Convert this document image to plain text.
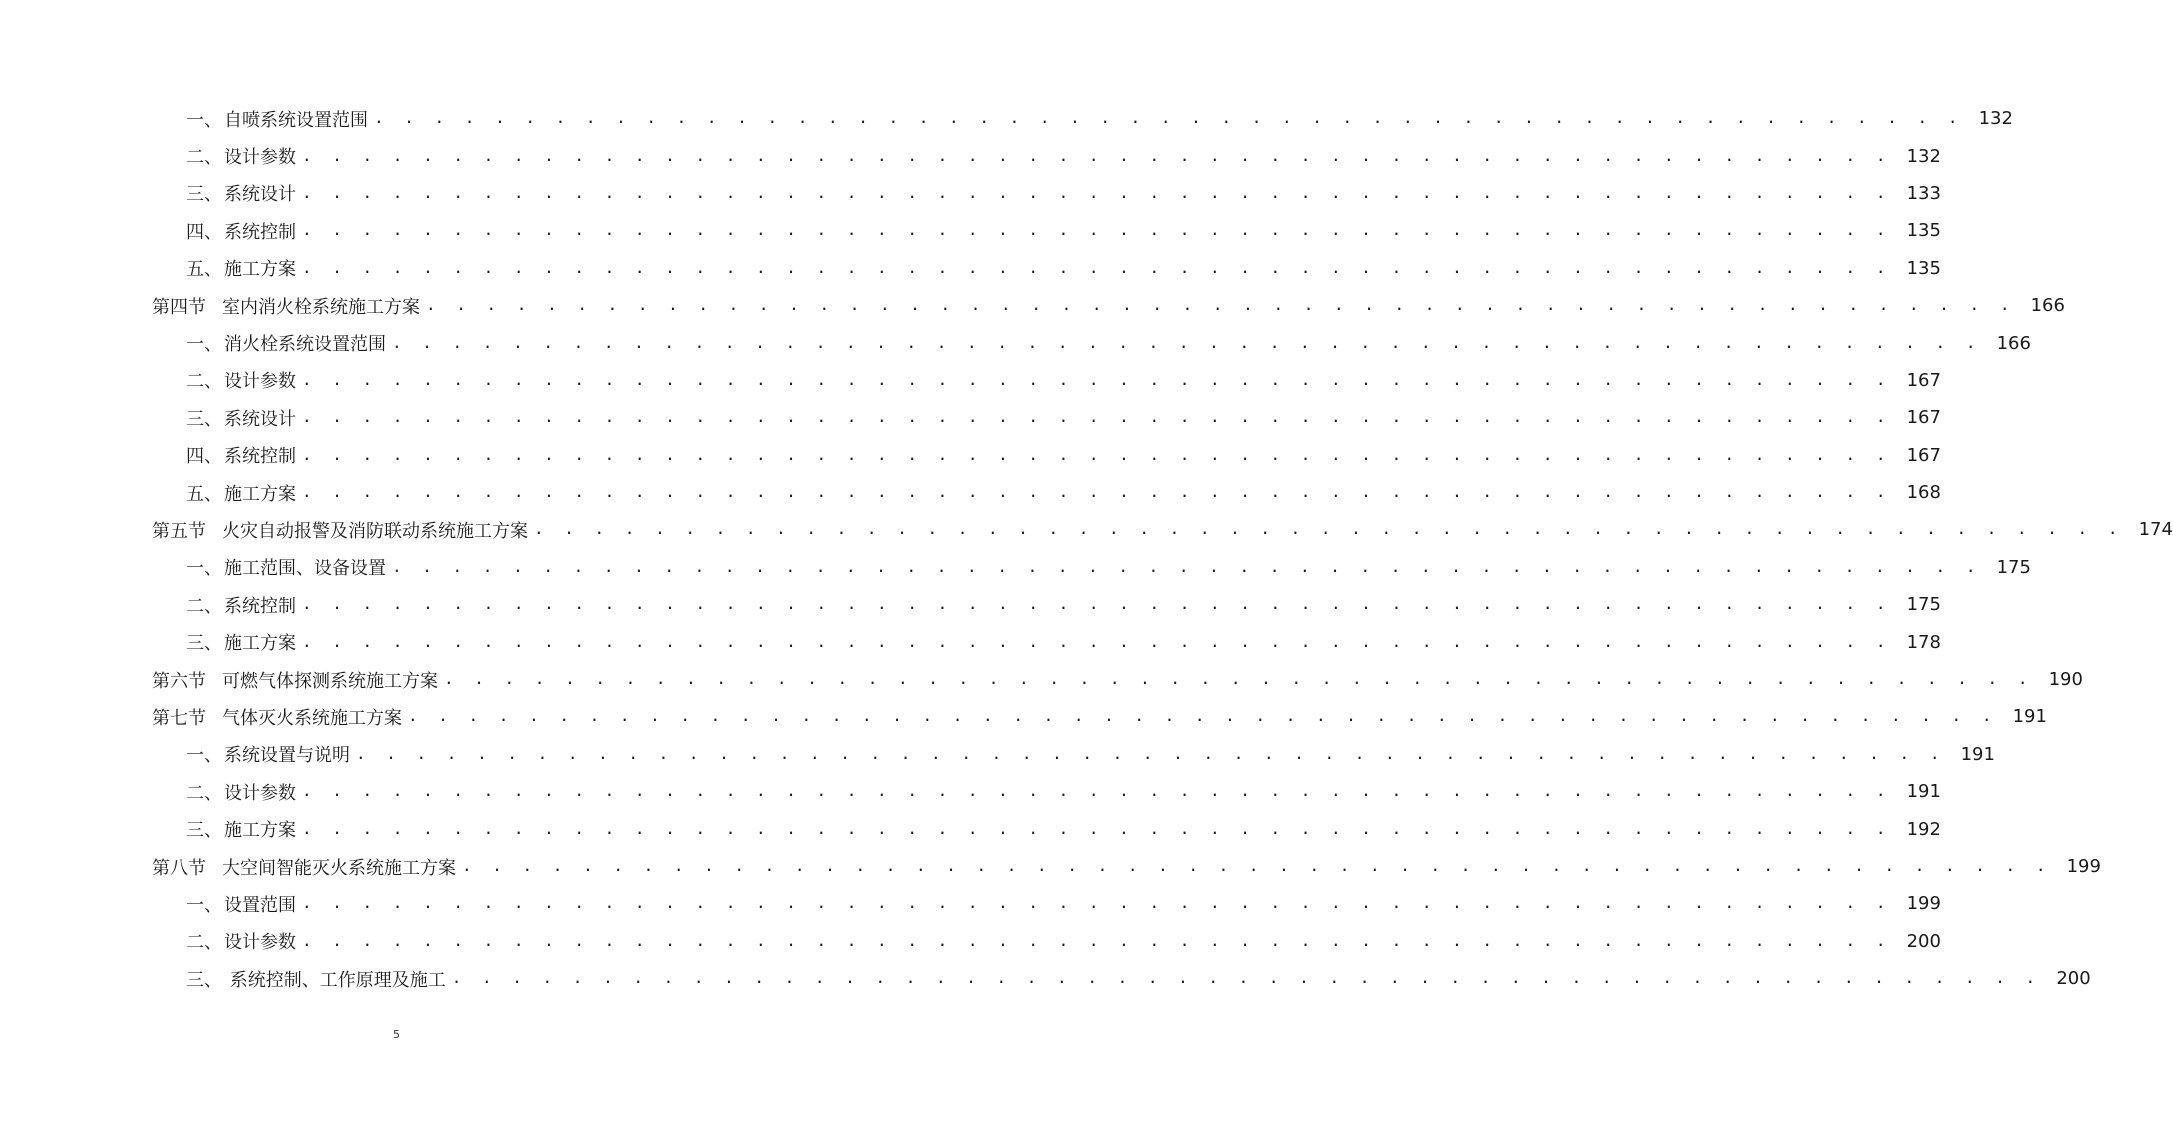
一、 自喷系统设置范围 . . . . . . . . . . . . . . . . . . . . . . . . . . . . . . . . . . . . . . . . . . . . . . . . . . . . . 132
二、 设计参数 . . . . . . . . . . . . . . . . . . . . . . . . . . . . . . . . . . . . . . . . . . . . . . . . . . . . . 132
三、 系统设计 . . . . . . . . . . . . . . . . . . . . . . . . . . . . . . . . . . . . . . . . . . . . . . . . . . . . . 133
四、 系统控制 . . . . . . . . . . . . . . . . . . . . . . . . . . . . . . . . . . . . . . . . . . . . . . . . . . . . . 135
五、 施工方案 . . . . . . . . . . . . . . . . . . . . . . . . . . . . . . . . . . . . . . . . . . . . . . . . . . . . . 135
第四节 室内消火栓系统施工方案 . . . . . . . . . . . . . . . . . . . . . . . . . . . . . . . . . . . . . . . . . . . . . . . . . . . . . 166
一、 消火栓系统设置范围 . . . . . . . . . . . . . . . . . . . . . . . . . . . . . . . . . . . . . . . . . . . . . . . . . . . . . 166
二、 设计参数 . . . . . . . . . . . . . . . . . . . . . . . . . . . . . . . . . . . . . . . . . . . . . . . . . . . . . 167
三、 系统设计 . . . . . . . . . . . . . . . . . . . . . . . . . . . . . . . . . . . . . . . . . . . . . . . . . . . . . 167
四、 系统控制 . . . . . . . . . . . . . . . . . . . . . . . . . . . . . . . . . . . . . . . . . . . . . . . . . . . . . 167
五、 施工方案 . . . . . . . . . . . . . . . . . . . . . . . . . . . . . . . . . . . . . . . . . . . . . . . . . . . . . 168
第五节 火灾自动报警及消防联动系统施工方案 . . . . . . . . . . . . . . . . . . . . . . . . . . . . . . . . . . . . . . . . . . . . . . . . . . . . . 174
一、 施工范围、设备设置 . . . . . . . . . . . . . . . . . . . . . . . . . . . . . . . . . . . . . . . . . . . . . . . . . . . . . 175
二、 系统控制 . . . . . . . . . . . . . . . . . . . . . . . . . . . . . . . . . . . . . . . . . . . . . . . . . . . . . 175
三、 施工方案 . . . . . . . . . . . . . . . . . . . . . . . . . . . . . . . . . . . . . . . . . . . . . . . . . . . . . 178
第六节 可燃气体探测系统施工方案 . . . . . . . . . . . . . . . . . . . . . . . . . . . . . . . . . . . . . . . . . . . . . . . . . . . . . 190
第七节 气体灭火系统施工方案 . . . . . . . . . . . . . . . . . . . . . . . . . . . . . . . . . . . . . . . . . . . . . . . . . . . . . 191
一、 系统设置与说明 . . . . . . . . . . . . . . . . . . . . . . . . . . . . . . . . . . . . . . . . . . . . . . . . . . . . . 191
二、 设计参数 . . . . . . . . . . . . . . . . . . . . . . . . . . . . . . . . . . . . . . . . . . . . . . . . . . . . . 191
三、 施工方案 . . . . . . . . . . . . . . . . . . . . . . . . . . . . . . . . . . . . . . . . . . . . . . . . . . . . . 192
第八节 大空间智能灭火系统施工方案 . . . . . . . . . . . . . . . . . . . . . . . . . . . . . . . . . . . . . . . . . . . . . . . . . . . . . 199
一、 设置范围 . . . . . . . . . . . . . . . . . . . . . . . . . . . . . . . . . . . . . . . . . . . . . . . . . . . . . 199
二、 设计参数 . . . . . . . . . . . . . . . . . . . . . . . . . . . . . . . . . . . . . . . . . . . . . . . . . . . . . 200
三、 系统控制、工作原理及施工 . . . . . . . . . . . . . . . . . . . . . . . . . . . . . . . . . . . . . . . . . . . . . . . . . . . . . 200
5
